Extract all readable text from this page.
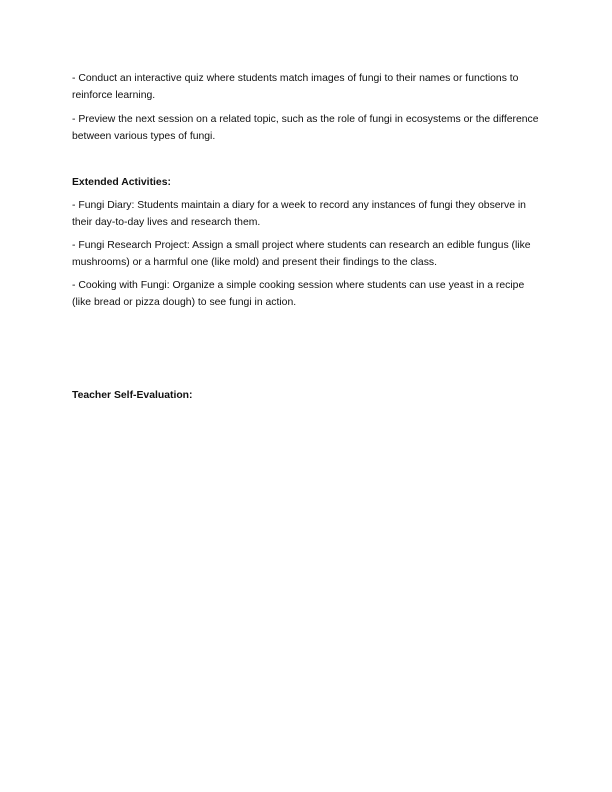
- Conduct an interactive quiz where students match images of fungi to their names or functions to reinforce learning.

- Preview the next session on a related topic, such as the role of fungi in ecosystems or the difference between various types of fungi.

Extended Activities:

- Fungi Diary: Students maintain a diary for a week to record any instances of fungi they observe in their day-to-day lives and research them.

- Fungi Research Project: Assign a small project where students can research an edible fungus (like mushrooms) or a harmful one (like mold) and present their findings to the class.

- Cooking with Fungi: Organize a simple cooking session where students can use yeast in a recipe (like bread or pizza dough) to see fungi in action.

Teacher Self-Evaluation:
